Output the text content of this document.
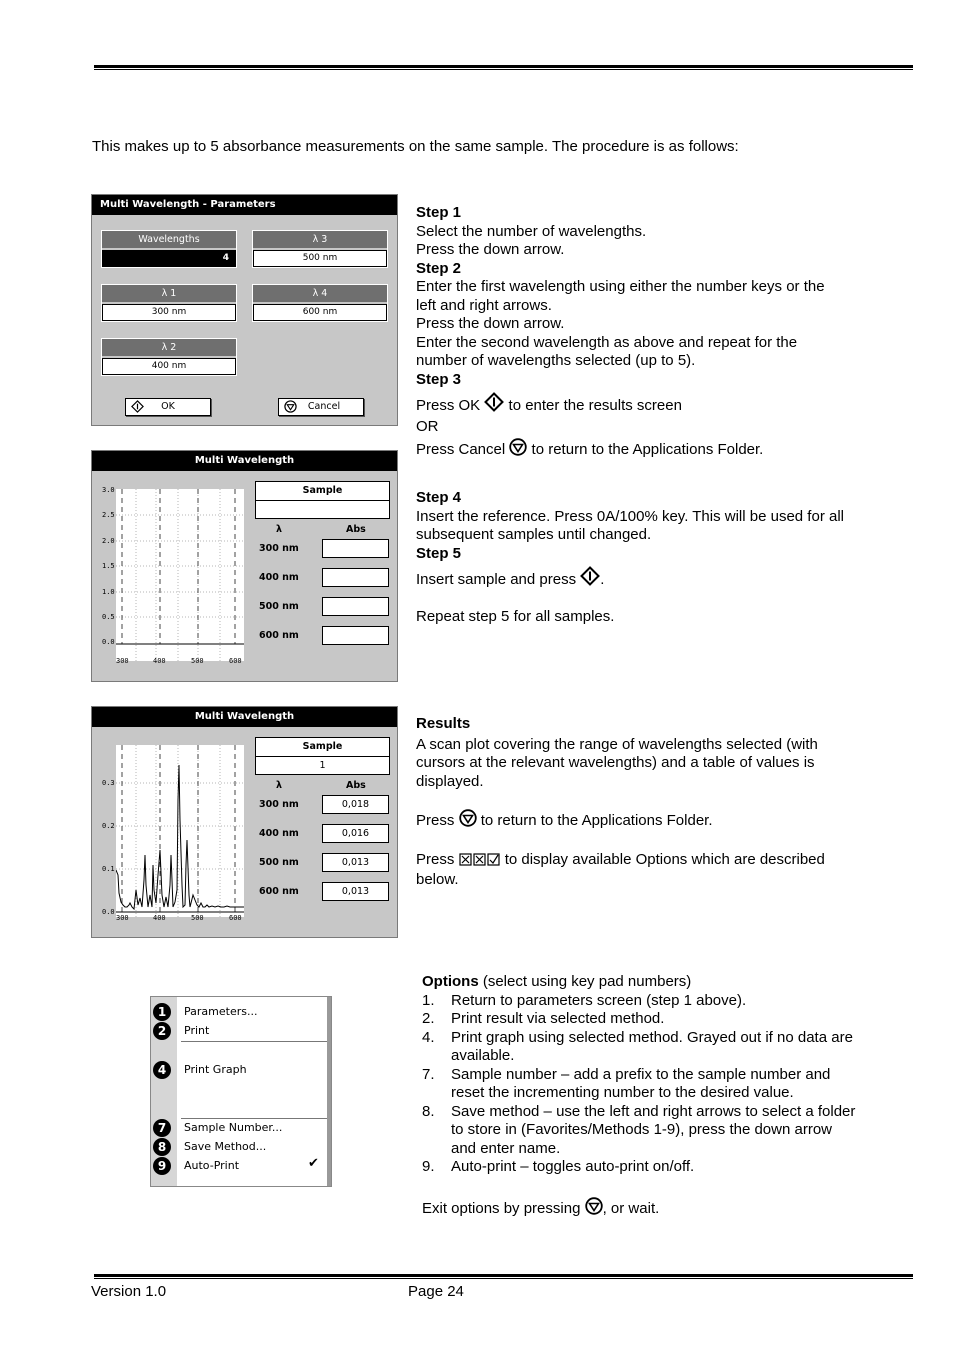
This makes up to 5 absorbance measurements on the same sample. The procedure is as follows:
Multi Wavelength - Parameters
Wavelengths
4
λ 1
300 nm
λ 2
400 nm
λ 3
500 nm
λ 4
600 nm
OK	Cancel

Step 1

Select the number of wavelengths.

Press the down arrow.

Step 2

Enter the first wavelength using either the number keys or the

left and right arrows.

Press the down arrow.

Enter the second wavelength as above and repeat for the

number of wavelengths selected (up to 5).

Step 3

Press OK to enter the results screen

OR

Press Cancel to return to the Applications Folder.

Multi Wavelength
3.0
2.5
2.0
1.5
1.0
0.5
0.0
300	400	500	600
Sample
λ	Abs
300 nm
400 nm
500 nm
600 nm

Step 4

Insert the reference. Press 0A/100% key. This will be used for all

subsequent samples until changed.

Step 5

Insert sample and press .

Repeat step 5 for all samples.

Multi Wavelength
0.3
0.2
0.1
0.0
300	400	500	600
Sample
1
λ	Abs
300 nm	0,018
400 nm	0,016
500 nm	0,013
600 nm	0,013

Results

A scan plot covering the range of wavelengths selected (with

cursors at the relevant wavelengths) and a table of values is

displayed.

Press to return to the Applications Folder.

Press	to display available Options which are described

below.

1	Parameters...
2	Print
4	Print Graph
7	Sample Number...
8	Save Method...
9	Auto-Print	✔

Options (select using key pad numbers)

1. Return to parameters screen (step 1 above).
2. Print result via selected method.
4. Print graph using selected method. Grayed out if no data are
available.
7. Sample number – add a prefix to the sample number and
reset the incrementing number to the desired value.
8. Save method – use the left and right arrows to select a folder
to store in (Favorites/Methods 1-9), press the down arrow
and enter name.
9. Auto-print – toggles auto-print on/off.

Exit options by pressing , or wait.

Version 1.0	Page 24
